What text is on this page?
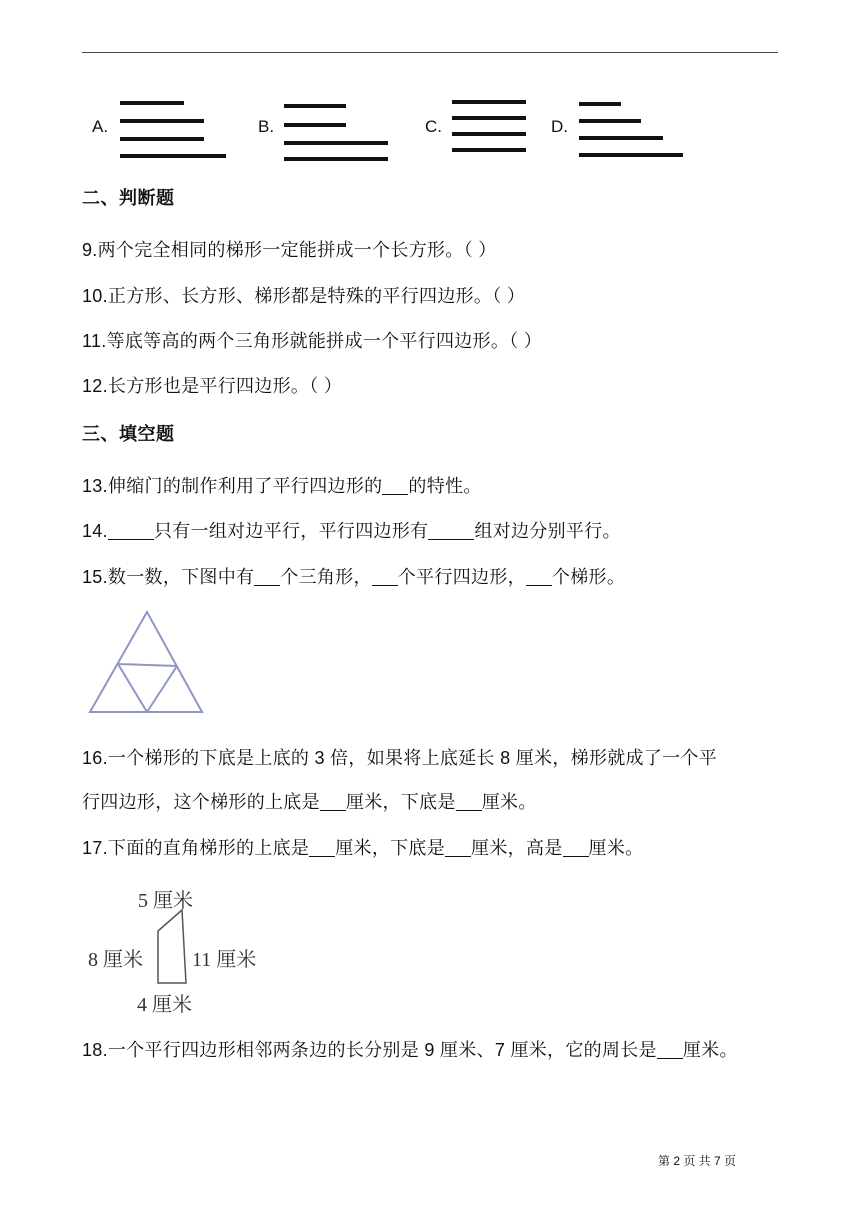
A.	B.	C.	D.
二、判断题
9.两个完全相同的梯形一定能拼成一个长方形。（ ）
10.正方形、长方形、梯形都是特殊的平行四边形。（ ）
11.等底等高的两个三角形就能拼成一个平行四边形。（ ）
12.长方形也是平行四边形。（ ）
三、填空题
13.伸缩门的制作利用了平行四边形的 的特性。
14.	只有一组对边平行，平行四边形有	组对边分别平行。
15.数一数，下图中有 个三角形， 个平行四边形， 个梯形。
16.一个梯形的下底是上底的 3 倍，如果将上底延长 8 厘米，梯形就成了一个平
行四边形，这个梯形的上底是 厘米，下底是 厘米。
17.下面的直角梯形的上底是 厘米，下底是 厘米，高是 厘米。
5 厘米
8 厘米 11 厘米
4 厘米
18.一个平行四边形相邻两条边的长分别是 9 厘米、7 厘米，它的周长是 厘米。
第 2 页 共 7 页
